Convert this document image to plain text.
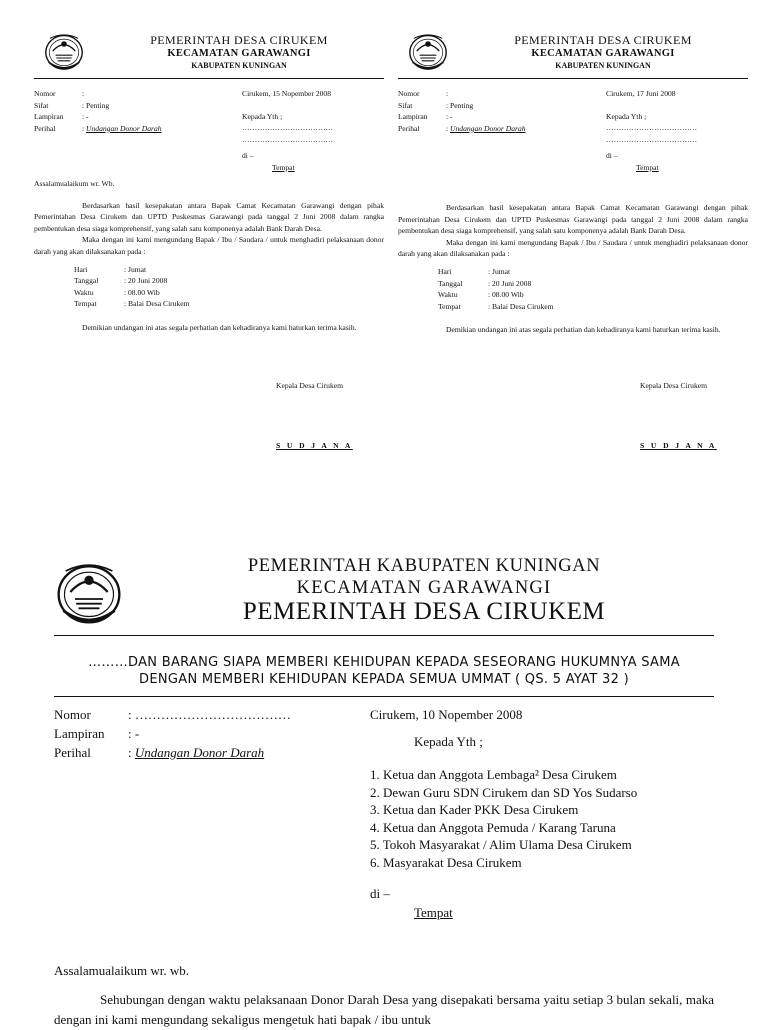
PEMERINTAH DESA CIRUKEM
KECAMATAN GARAWANGI
KABUPATEN KUNINGAN
Nomor	:
Sifat	: Penting
Lampiran : -
Perihal	: Undangan Donor Darah
Cirukem, 15 Nopember 2008
Kepada Yth ;
………………………………
………………………………
di –
Tempat

Assalamualaikum wr. Wb.

Berdasarkan hasil kesepakatan antara Bapak Camat Kecamatan Garawangi dengan pihak Pemerintahan Desa Cirukem dan UPTD Puskesmas Garawangi pada tanggal 2 Juni 2008 dalam rangka pembentukan desa siaga komprehensif, yang salah satu komponenya adalah Bank Darah Desa.

Maka dengan ini kami mengundang Bapak / Ibu / Saudara / untuk menghadiri pelaksanaan donor darah yang akan dilaksanakan pada :

Hari	: Jumat
Tanggal	: 20 Juni 2008
Waktu	: 08.00 Wib
Tempat	: Balai Desa Cirukem

Demikian undangan ini atas segala perhatian dan kehadiranya kami haturkan terima kasih.

Kepala Desa Cirukem
S U D J A N A
PEMERINTAH DESA CIRUKEM
KECAMATAN GARAWANGI
KABUPATEN KUNINGAN
Nomor	:
Sifat	: Penting
Lampiran : -
Perihal	: Undangan Donor Darah
Cirukem, 17 Juni 2008
Kepada Yth ;
………………………………
………………………………
di –
Tempat

Berdasarkan hasil kesepakatan antara Bapak Camat Kecamatan Garawangi dengan pihak Pemerintahan Desa Cirukem dan UPTD Puskesmas Garawangi pada tanggal 2 Juni 2008 dalam rangka pembentukan desa siaga komprehensif, yang salah satu komponenya adalah Bank Darah Desa.

Maka dengan ini kami mengundang Bapak / Ibu / Saudara / untuk menghadiri pelaksanaan donor darah yang akan dilaksanakan pada :

Hari	: Jumat
Tanggal	: 20 Juni 2008
Waktu	: 08.00 Wib
Tempat	: Balai Desa Cirukem

Demikian undangan ini atas segala perhatian dan kehadiranya kami haturkan terima kasih.

Kepala Desa Cirukem
S U D J A N A
PEMERINTAH KABUPATEN KUNINGAN
KECAMATAN GARAWANGI
PEMERINTAH DESA CIRUKEM
………DAN BARANG SIAPA MEMBERI KEHIDUPAN KEPADA SESEORANG HUKUMNYA SAMA
DENGAN MEMBERI KEHIDUPAN KEPADA SEMUA UMMAT ( QS. 5 AYAT 32 )
Nomor	: ………………………………
Lampiran : -
Perihal	: Undangan Donor Darah
Cirukem, 10 Nopember 2008
Kepada Yth ;
1. Ketua dan Anggota Lembaga² Desa Cirukem
2. Dewan Guru SDN Cirukem dan SD Yos Sudarso
3. Ketua dan Kader PKK Desa Cirukem
4. Ketua dan Anggota Pemuda / Karang Taruna
5. Tokoh Masyarakat / Alim Ulama Desa Cirukem
6. Masyarakat Desa Cirukem
di –
Tempat
Assalamualaikum wr. wb.
Sehubungan dengan waktu pelaksanaan Donor Darah Desa yang disepakati bersama yaitu setiap 3 bulan sekali, maka dengan ini kami mengundang sekaligus mengetuk hati bapak / ibu untuk
